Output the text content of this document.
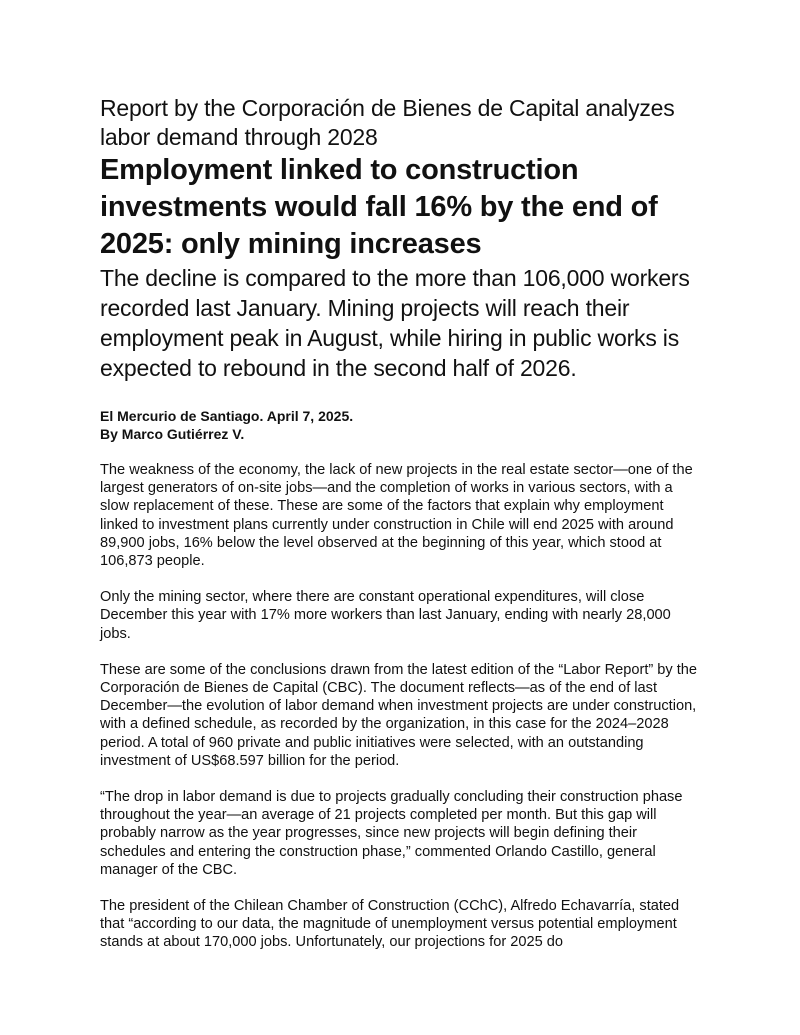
Report by the Corporación de Bienes de Capital analyzes labor demand through 2028
Employment linked to construction investments would fall 16% by the end of 2025: only mining increases

The decline is compared to the more than 106,000 workers recorded last January. Mining projects will reach their employment peak in August, while hiring in public works is expected to rebound in the second half of 2026.

El Mercurio de Santiago. April 7, 2025.
By Marco Gutiérrez V.

The weakness of the economy, the lack of new projects in the real estate sector—one of the largest generators of on-site jobs—and the completion of works in various sectors, with a slow replacement of these. These are some of the factors that explain why employment linked to investment plans currently under construction in Chile will end 2025 with around 89,900 jobs, 16% below the level observed at the beginning of this year, which stood at 106,873 people.

Only the mining sector, where there are constant operational expenditures, will close December this year with 17% more workers than last January, ending with nearly 28,000 jobs.

These are some of the conclusions drawn from the latest edition of the “Labor Report” by the Corporación de Bienes de Capital (CBC). The document reflects—as of the end of last December—the evolution of labor demand when investment projects are under construction, with a defined schedule, as recorded by the organization, in this case for the 2024–2028 period. A total of 960 private and public initiatives were selected, with an outstanding investment of US$68.597 billion for the period.

“The drop in labor demand is due to projects gradually concluding their construction phase throughout the year—an average of 21 projects completed per month. But this gap will probably narrow as the year progresses, since new projects will begin defining their schedules and entering the construction phase,” commented Orlando Castillo, general manager of the CBC.

The president of the Chilean Chamber of Construction (CChC), Alfredo Echavarría, stated that “according to our data, the magnitude of unemployment versus potential employment stands at about 170,000 jobs. Unfortunately, our projections for 2025 do
